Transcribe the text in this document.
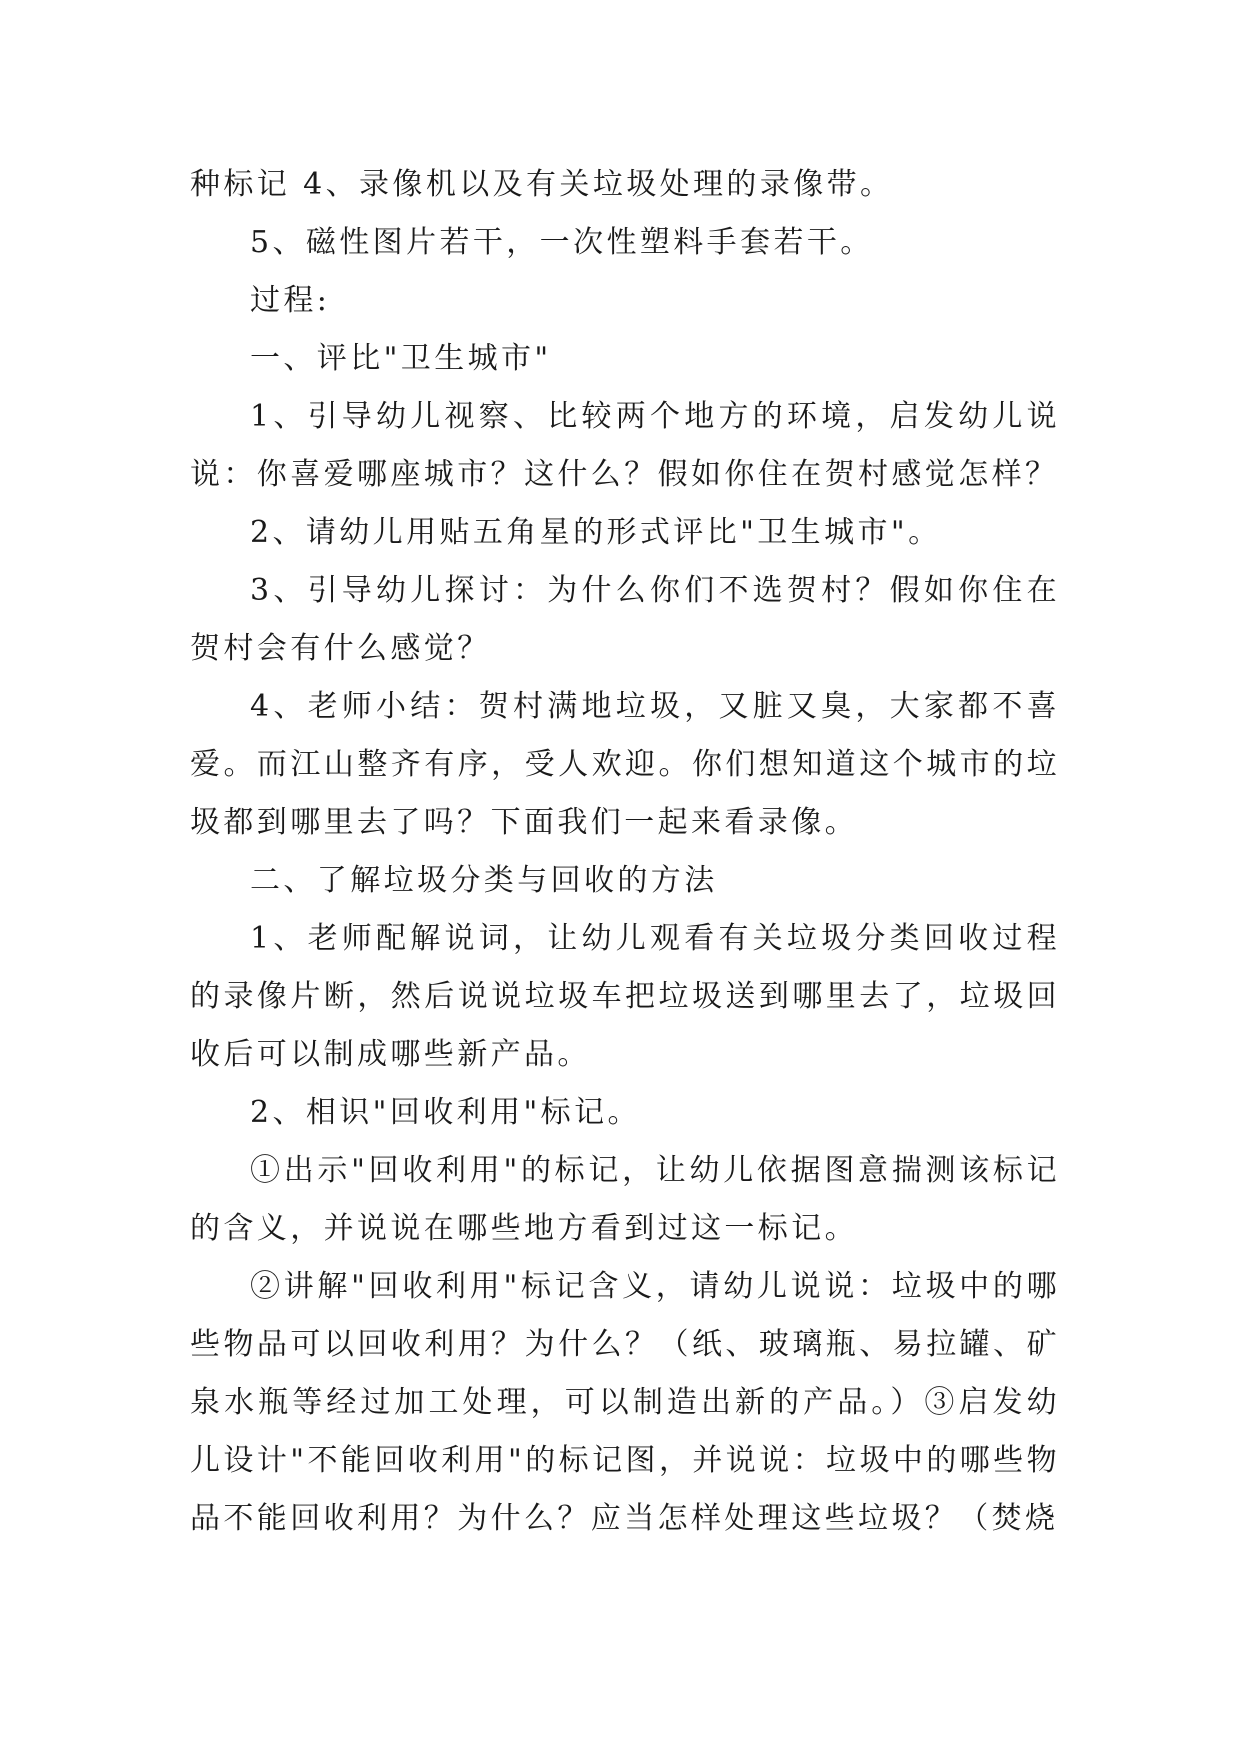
种标记 4、录像机以及有关垃圾处理的录像带。

5、磁性图片若干，一次性塑料手套若干。

过程:

一、评比"卫生城市"

1、引导幼儿视察、比较两个地方的环境，启发幼儿说说：你喜爱哪座城市？这什么？假如你住在贺村感觉怎样？

2、请幼儿用贴五角星的形式评比"卫生城市"。

3、引导幼儿探讨：为什么你们不选贺村？假如你住在贺村会有什么感觉？

4、老师小结：贺村满地垃圾，又脏又臭，大家都不喜爱。而江山整齐有序，受人欢迎。你们想知道这个城市的垃圾都到哪里去了吗？下面我们一起来看录像。

二、了解垃圾分类与回收的方法

1、老师配解说词，让幼儿观看有关垃圾分类回收过程的录像片断，然后说说垃圾车把垃圾送到哪里去了，垃圾回收后可以制成哪些新产品。

2、相识"回收利用"标记。

①出示"回收利用"的标记，让幼儿依据图意揣测该标记的含义，并说说在哪些地方看到过这一标记。

②讲解"回收利用"标记含义，请幼儿说说：垃圾中的哪些物品可以回收利用？为什么？（纸、玻璃瓶、易拉罐、矿泉水瓶等经过加工处理，可以制造出新的产品。）③启发幼儿设计"不能回收利用"的标记图，并说说：垃圾中的哪些物品不能回收利用？为什么？应当怎样处理这些垃圾？（焚烧
